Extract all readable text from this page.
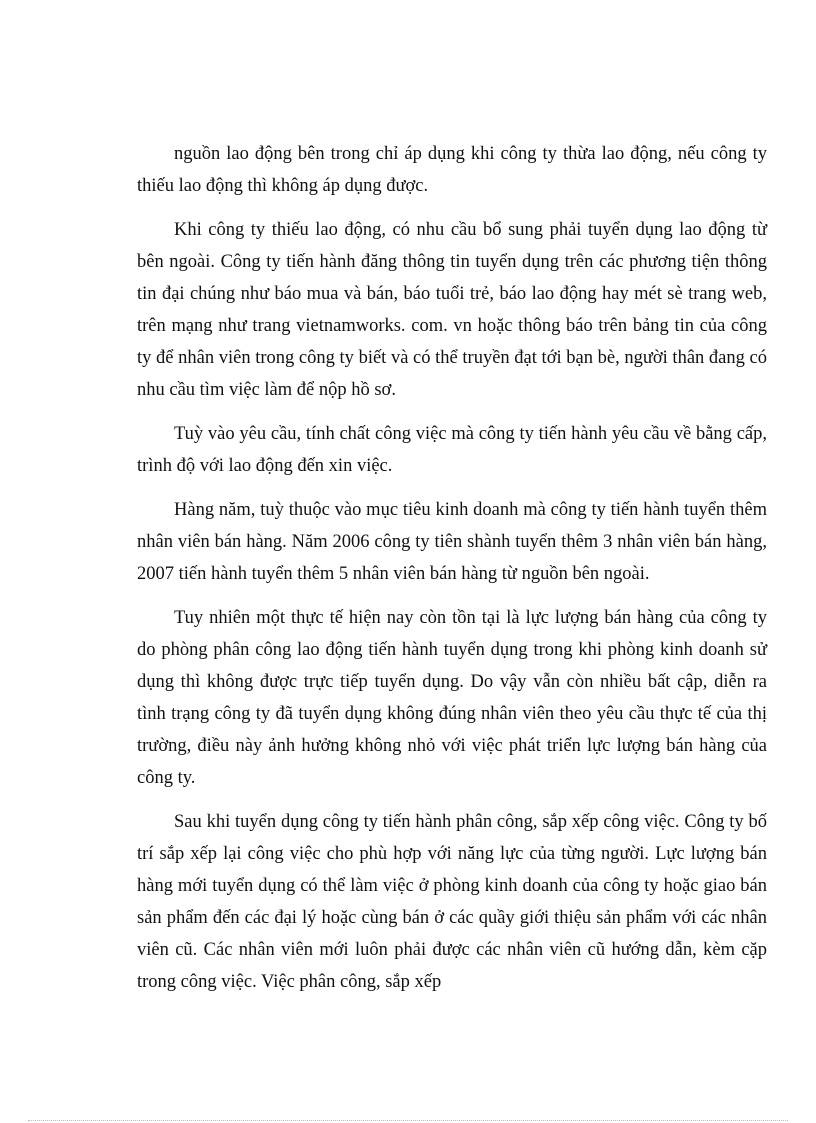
nguồn lao động bên trong chỉ áp dụng khi công ty thừa lao động, nếu công ty thiếu lao động thì không áp dụng được.

Khi công ty thiếu lao động, có nhu cầu bổ sung phải tuyển dụng lao động từ bên ngoài. Công ty tiến hành đăng thông tin tuyển dụng trên các phương tiện thông tin đại chúng như báo mua và bán, báo tuổi trẻ, báo lao động hay mét sè trang web, trên mạng như trang vietnamworks. com. vn hoặc thông báo trên bảng tin của công ty để nhân viên trong công ty biết và có thể truyền đạt tới bạn bè, người thân đang có nhu cầu tìm việc làm để nộp hồ sơ.

Tuỳ vào yêu cầu, tính chất công việc mà công ty tiến hành yêu cầu về bằng cấp, trình độ với lao động đến xin việc.

Hàng năm, tuỳ thuộc vào mục tiêu kinh doanh mà công ty tiến hành tuyển thêm nhân viên bán hàng. Năm 2006 công ty tiên shành tuyển thêm 3 nhân viên bán hàng, 2007 tiến hành tuyển thêm 5 nhân viên bán hàng từ nguồn bên ngoài.

Tuy nhiên một thực tế hiện nay còn tồn tại là lực lượng bán hàng của công ty do phòng phân công lao động tiến hành tuyển dụng trong khi phòng kinh doanh sử dụng thì không được trực tiếp tuyển dụng. Do vậy vẫn còn nhiều bất cập, diễn ra tình trạng công ty đã tuyển dụng không đúng nhân viên theo yêu cầu thực tế của thị trường, điều này ảnh hưởng không nhỏ với việc phát triển lực lượng bán hàng của công ty.

Sau khi tuyển dụng công ty tiến hành phân công, sắp xếp công việc. Công ty bố trí sắp xếp lại công việc cho phù hợp với năng lực của từng người. Lực lượng bán hàng mới tuyển dụng có thể làm việc ở phòng kinh doanh của công ty hoặc giao bán sản phẩm đến các đại lý hoặc cùng bán ở các quầy giới thiệu sản phẩm với các nhân viên cũ. Các nhân viên mới luôn phải được các nhân viên cũ hướng dẫn, kèm cặp trong công việc. Việc phân công, sắp xếp
